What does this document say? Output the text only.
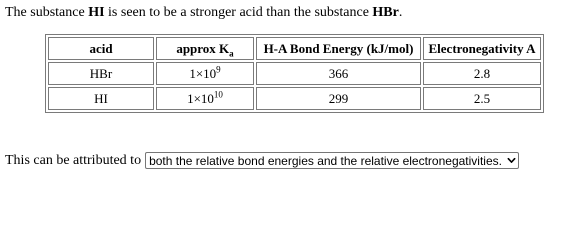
The substance HI is seen to be a stronger acid than the substance HBr.
acid	approx $K_a$	H-A Bond Energy (kJ/mol)	Electronegativity A
HBr	$1\times 10^9$	366	2.8
HI	$1\times 10^{10}$	299	2.5
This can be attributed to both the relative bond energies and the relative electronegativities.
